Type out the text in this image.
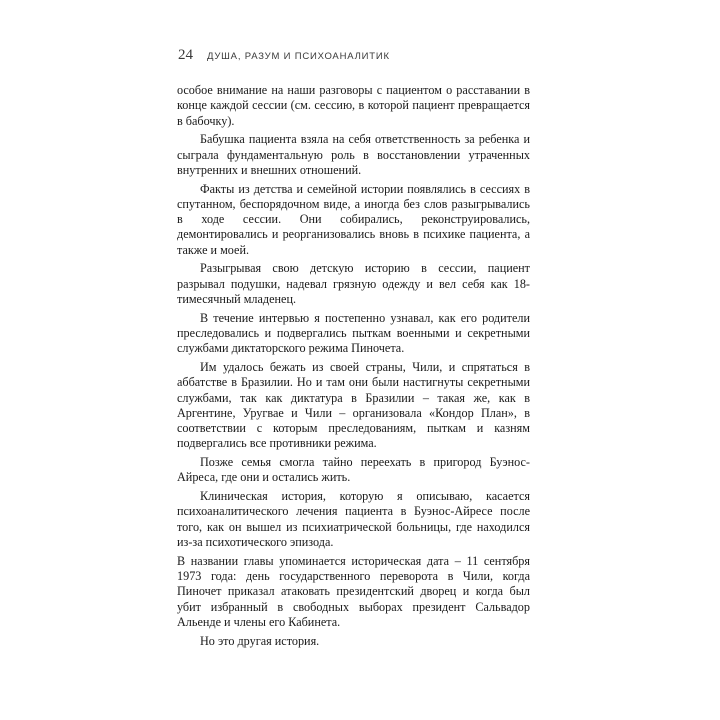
24 ДУША, РАЗУМ И ПСИХОАНАЛИТИК

особое внимание на наши разговоры с пациентом о расставании в конце каждой сессии (см. сессию, в которой пациент превращается в бабочку).

Бабушка пациента взяла на себя ответственность за ребенка и сыграла фундаментальную роль в восстановлении утраченных внутренних и внешних отношений.

Факты из детства и семейной истории появлялись в сессиях в спутанном, беспорядочном виде, а иногда без слов разыгрывались в ходе сессии. Они собирались, реконструировались, демонтировались и реорганизовались вновь в психике пациента, а также и моей.

Разыгрывая свою детскую историю в сессии, пациент разрывал подушки, надевал грязную одежду и вел себя как 18-тимесячный младенец.

В течение интервью я постепенно узнавал, как его родители преследовались и подвергались пыткам военными и секретными службами диктаторского режима Пиночета.

Им удалось бежать из своей страны, Чили, и спрятаться в аббатстве в Бразилии. Но и там они были настигнуты секретными службами, так как диктатура в Бразилии – такая же, как в Аргентине, Уругвае и Чили – организовала «Кондор План», в соответствии с которым преследованиям, пыткам и казням подвергались все противники режима.

Позже семья смогла тайно переехать в пригород Буэнос-Айреса, где они и остались жить.

Клиническая история, которую я описываю, касается психоаналитического лечения пациента в Буэнос-Айресе после того, как он вышел из психиатрической больницы, где находился из-за психотического эпизода.

В названии главы упоминается историческая дата – 11 сентября 1973 года: день государственного переворота в Чили, когда Пиночет приказал атаковать президентский дворец и когда был убит избранный в свободных выборах президент Сальвадор Альенде и члены его Кабинета.

Но это другая история.
